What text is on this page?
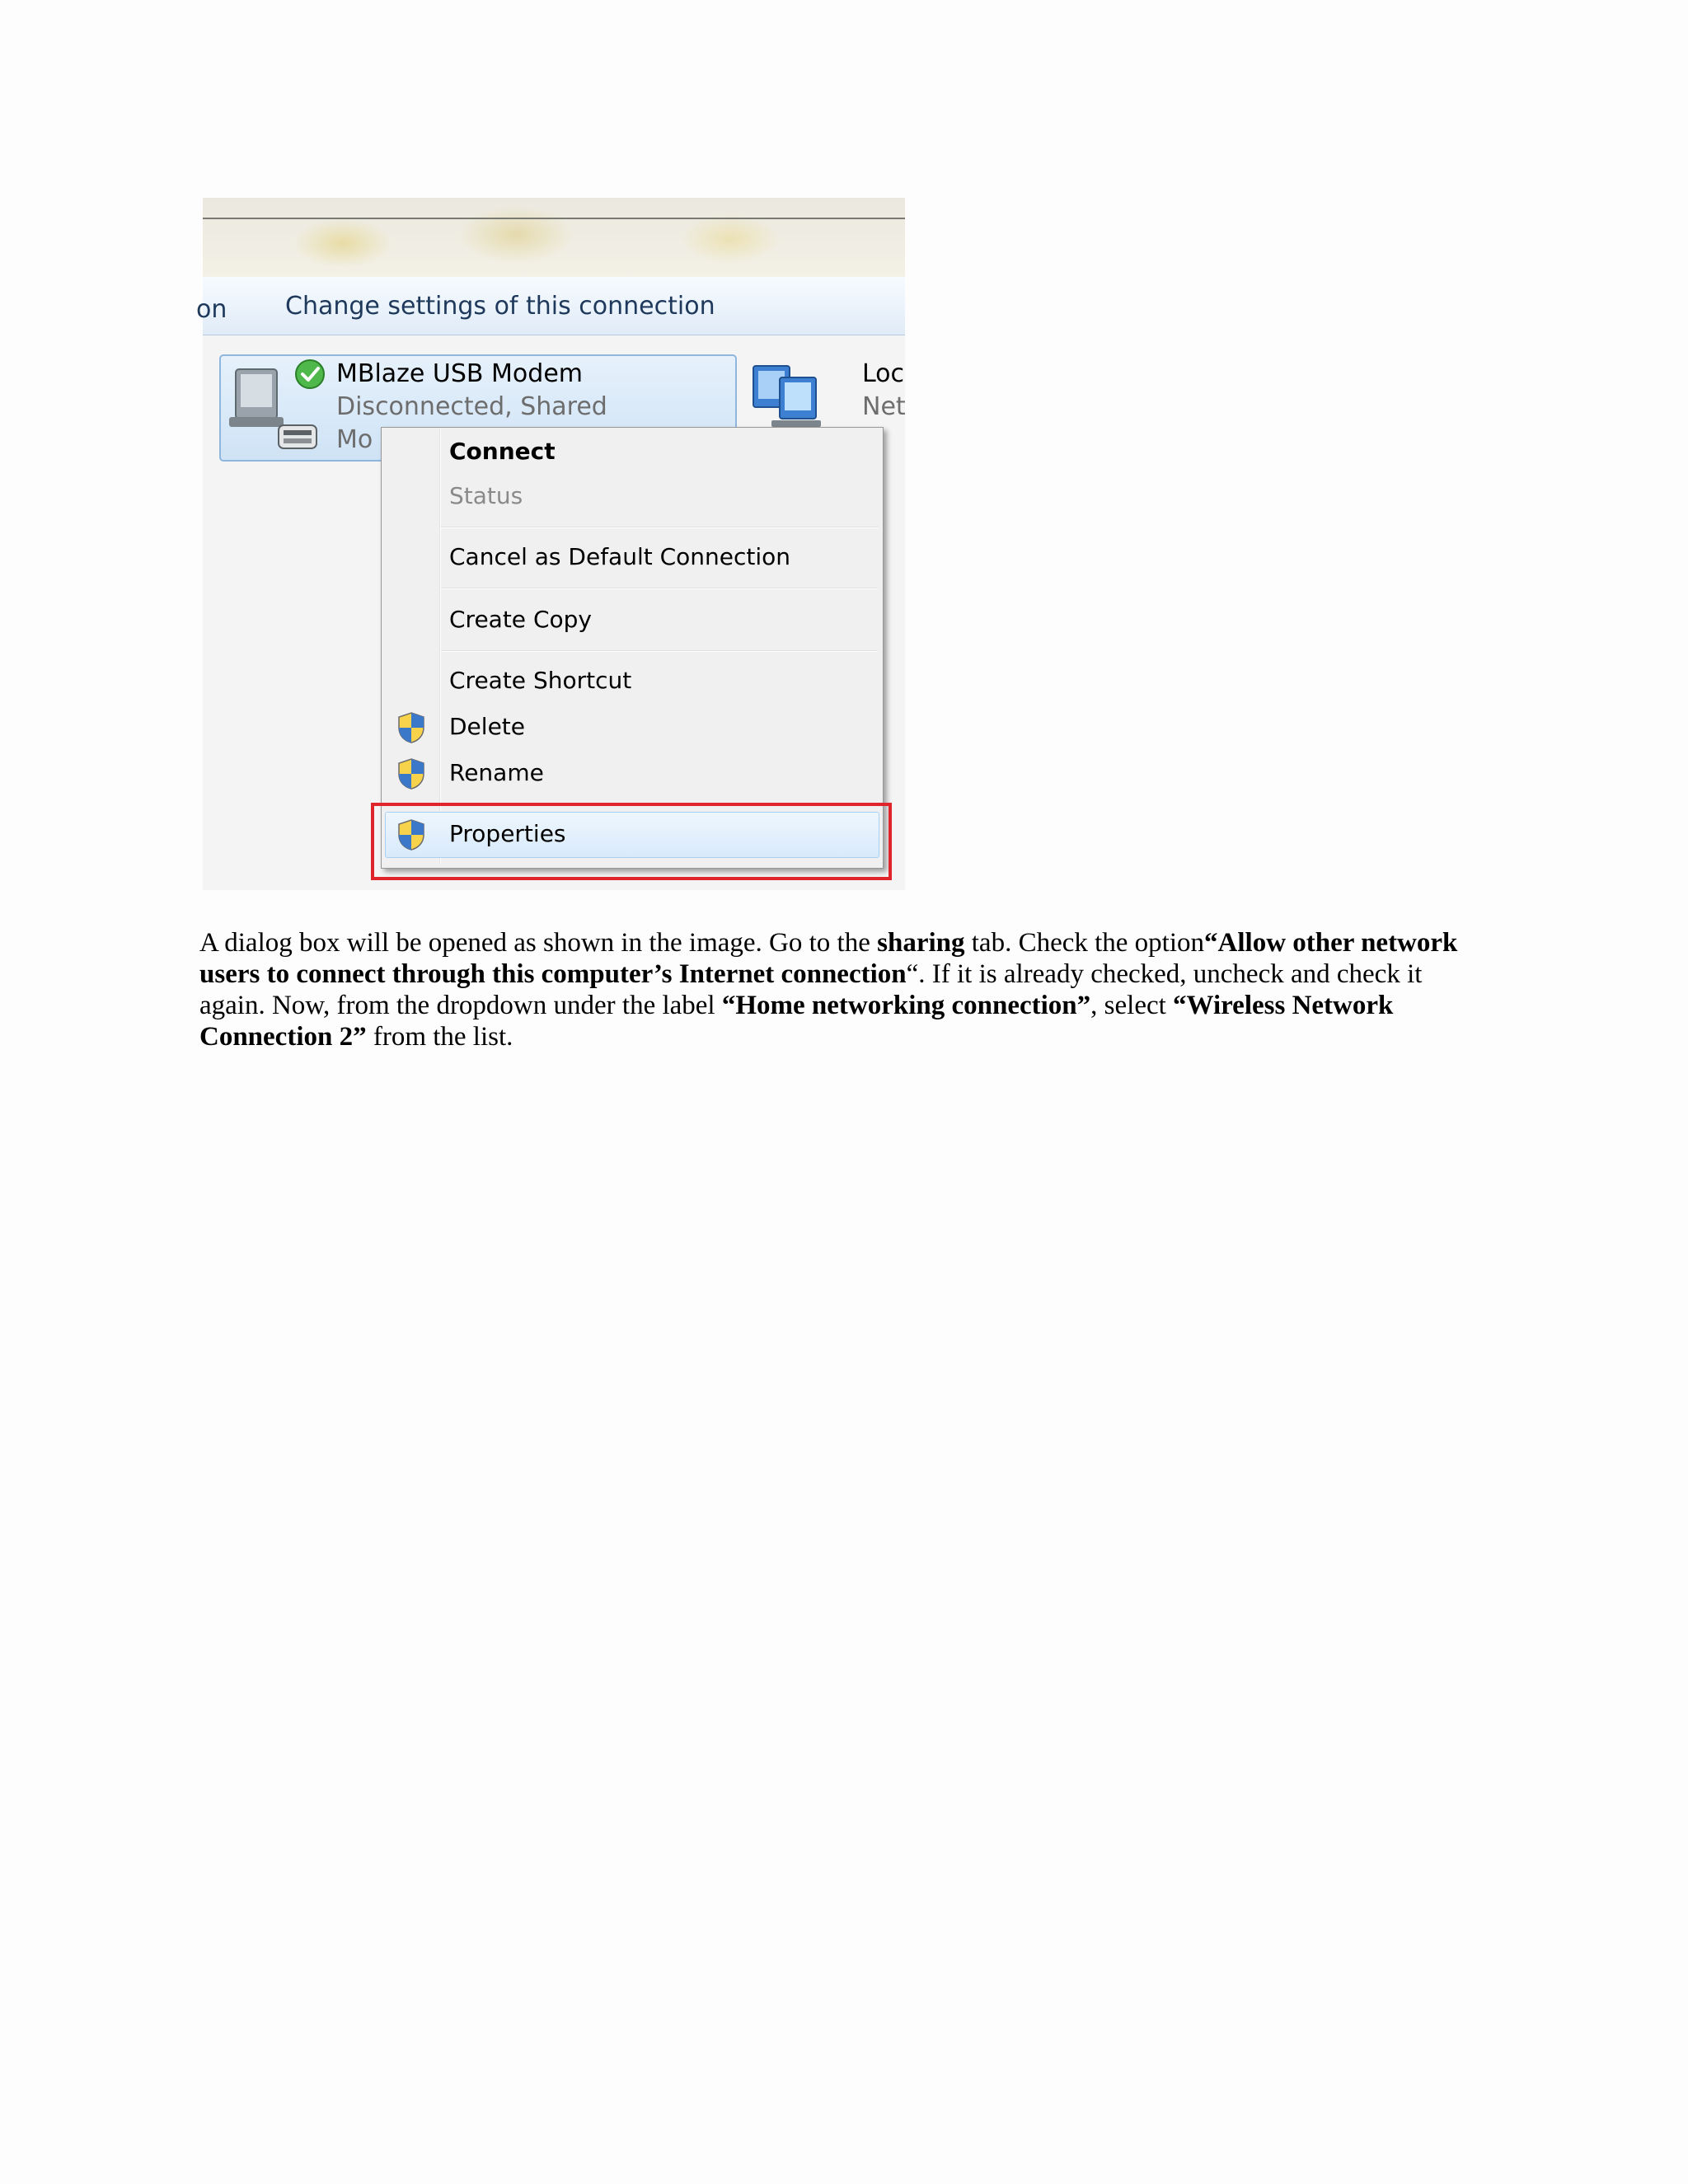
on Change settings of this connection
MBlaze USB Modem
Disconnected, Shared
Mo
Loc
Net
Connect
Status
Cancel as Default Connection
Create Copy
Create Shortcut
Delete
Rename
Properties

A dialog box will be opened as shown in the image. Go to the sharing tab. Check the option“Allow other network users to connect through this computer’s Internet connection“. If it is already checked, uncheck and check it again. Now, from the dropdown under the label “Home networking connection”, select “Wireless Network Connection 2” from the list.
